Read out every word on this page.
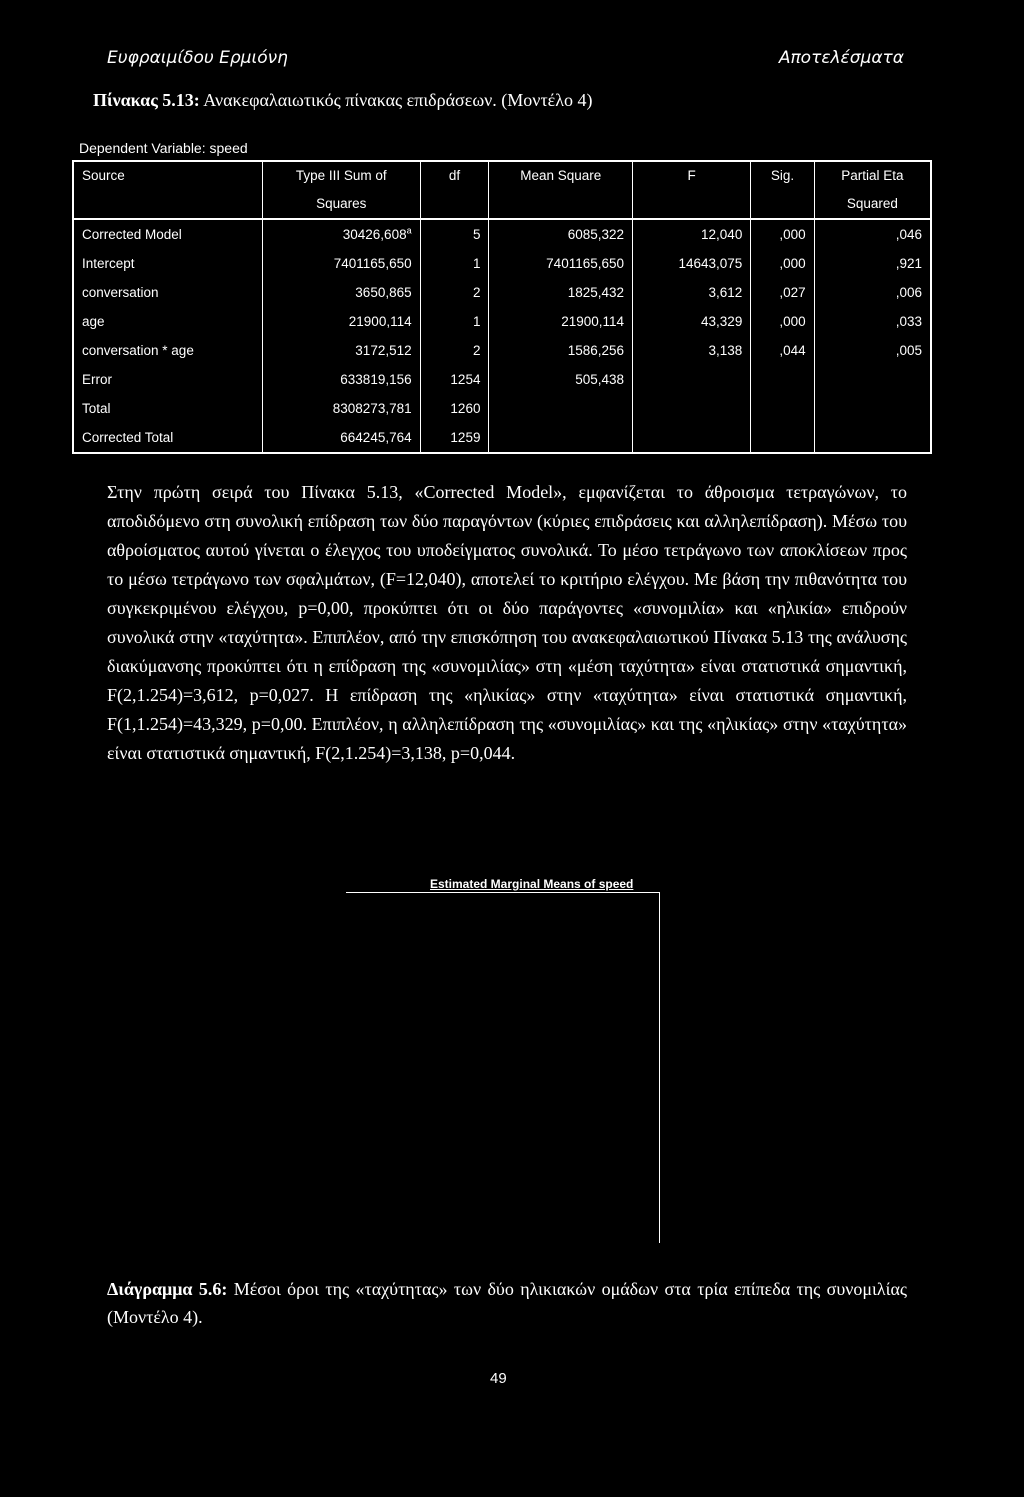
Ευφραιμίδου Ερμιόνη	Αποτελέσματα
Πίνακας 5.13: Ανακεφαλαιωτικός πίνακας επιδράσεων. (Μοντέλο 4)
Dependent Variable: speed
Source	Type III Sum of	df	Mean Square	F	Sig.	Partial Eta
	Squares					Squared
Corrected Model	30426,608$^a$	5	6085,322	12,040	,000	,046
Intercept	7401165,650	1	7401165,650	14643,075	,000	,921
conversation	3650,865	2	1825,432	3,612	,027	,006
age	21900,114	1	21900,114	43,329	,000	,033
conversation * age	3172,512	2	1586,256	3,138	,044	,005
Error	633819,156	1254	505,438			
Total	8308273,781	1260				
Corrected Total	664245,764	1259				

Στην πρώτη σειρά του Πίνακα 5.13, «Corrected Model», εμφανίζεται το άθροισμα τετραγώνων, το αποδιδόμενο στη συνολική επίδραση των δύο παραγόντων (κύριες επιδράσεις και αλληλεπίδραση). Μέσω του αθροίσματος αυτού γίνεται ο έλεγχος του υποδείγματος συνολικά. Το μέσο τετράγωνο των αποκλίσεων προς το μέσω τετράγωνο των σφαλμάτων, (F=12,040), αποτελεί το κριτήριο ελέγχου. Με βάση την πιθανότητα του συγκεκριμένου ελέγχου, p=0,00, προκύπτει ότι οι δύο παράγοντες «συνομιλία» και «ηλικία» επιδρούν συνολικά στην «ταχύτητα». Επιπλέον, από την επισκόπηση του ανακεφαλαιωτικού Πίνακα 5.13 της ανάλυσης διακύμανσης προκύπτει ότι η επίδραση της «συνομιλίας» στη «μέση ταχύτητα» είναι στατιστικά σημαντική, F(2,1.254)=3,612, p=0,027. Η επίδραση της «ηλικίας» στην «ταχύτητα» είναι στατιστικά σημαντική, F(1,1.254)=43,329, p=0,00. Επιπλέον, η αλληλεπίδραση της «συνομιλίας» και της «ηλικίας» στην «ταχύτητα» είναι στατιστικά σημαντική, F(2,1.254)=3,138, p=0,044.

Estimated Marginal Means of speed
Διάγραμμα 5.6: Μέσοι όροι της «ταχύτητας» των δύο ηλικιακών ομάδων στα τρία επίπεδα της συνομιλίας (Μοντέλο 4).
49
